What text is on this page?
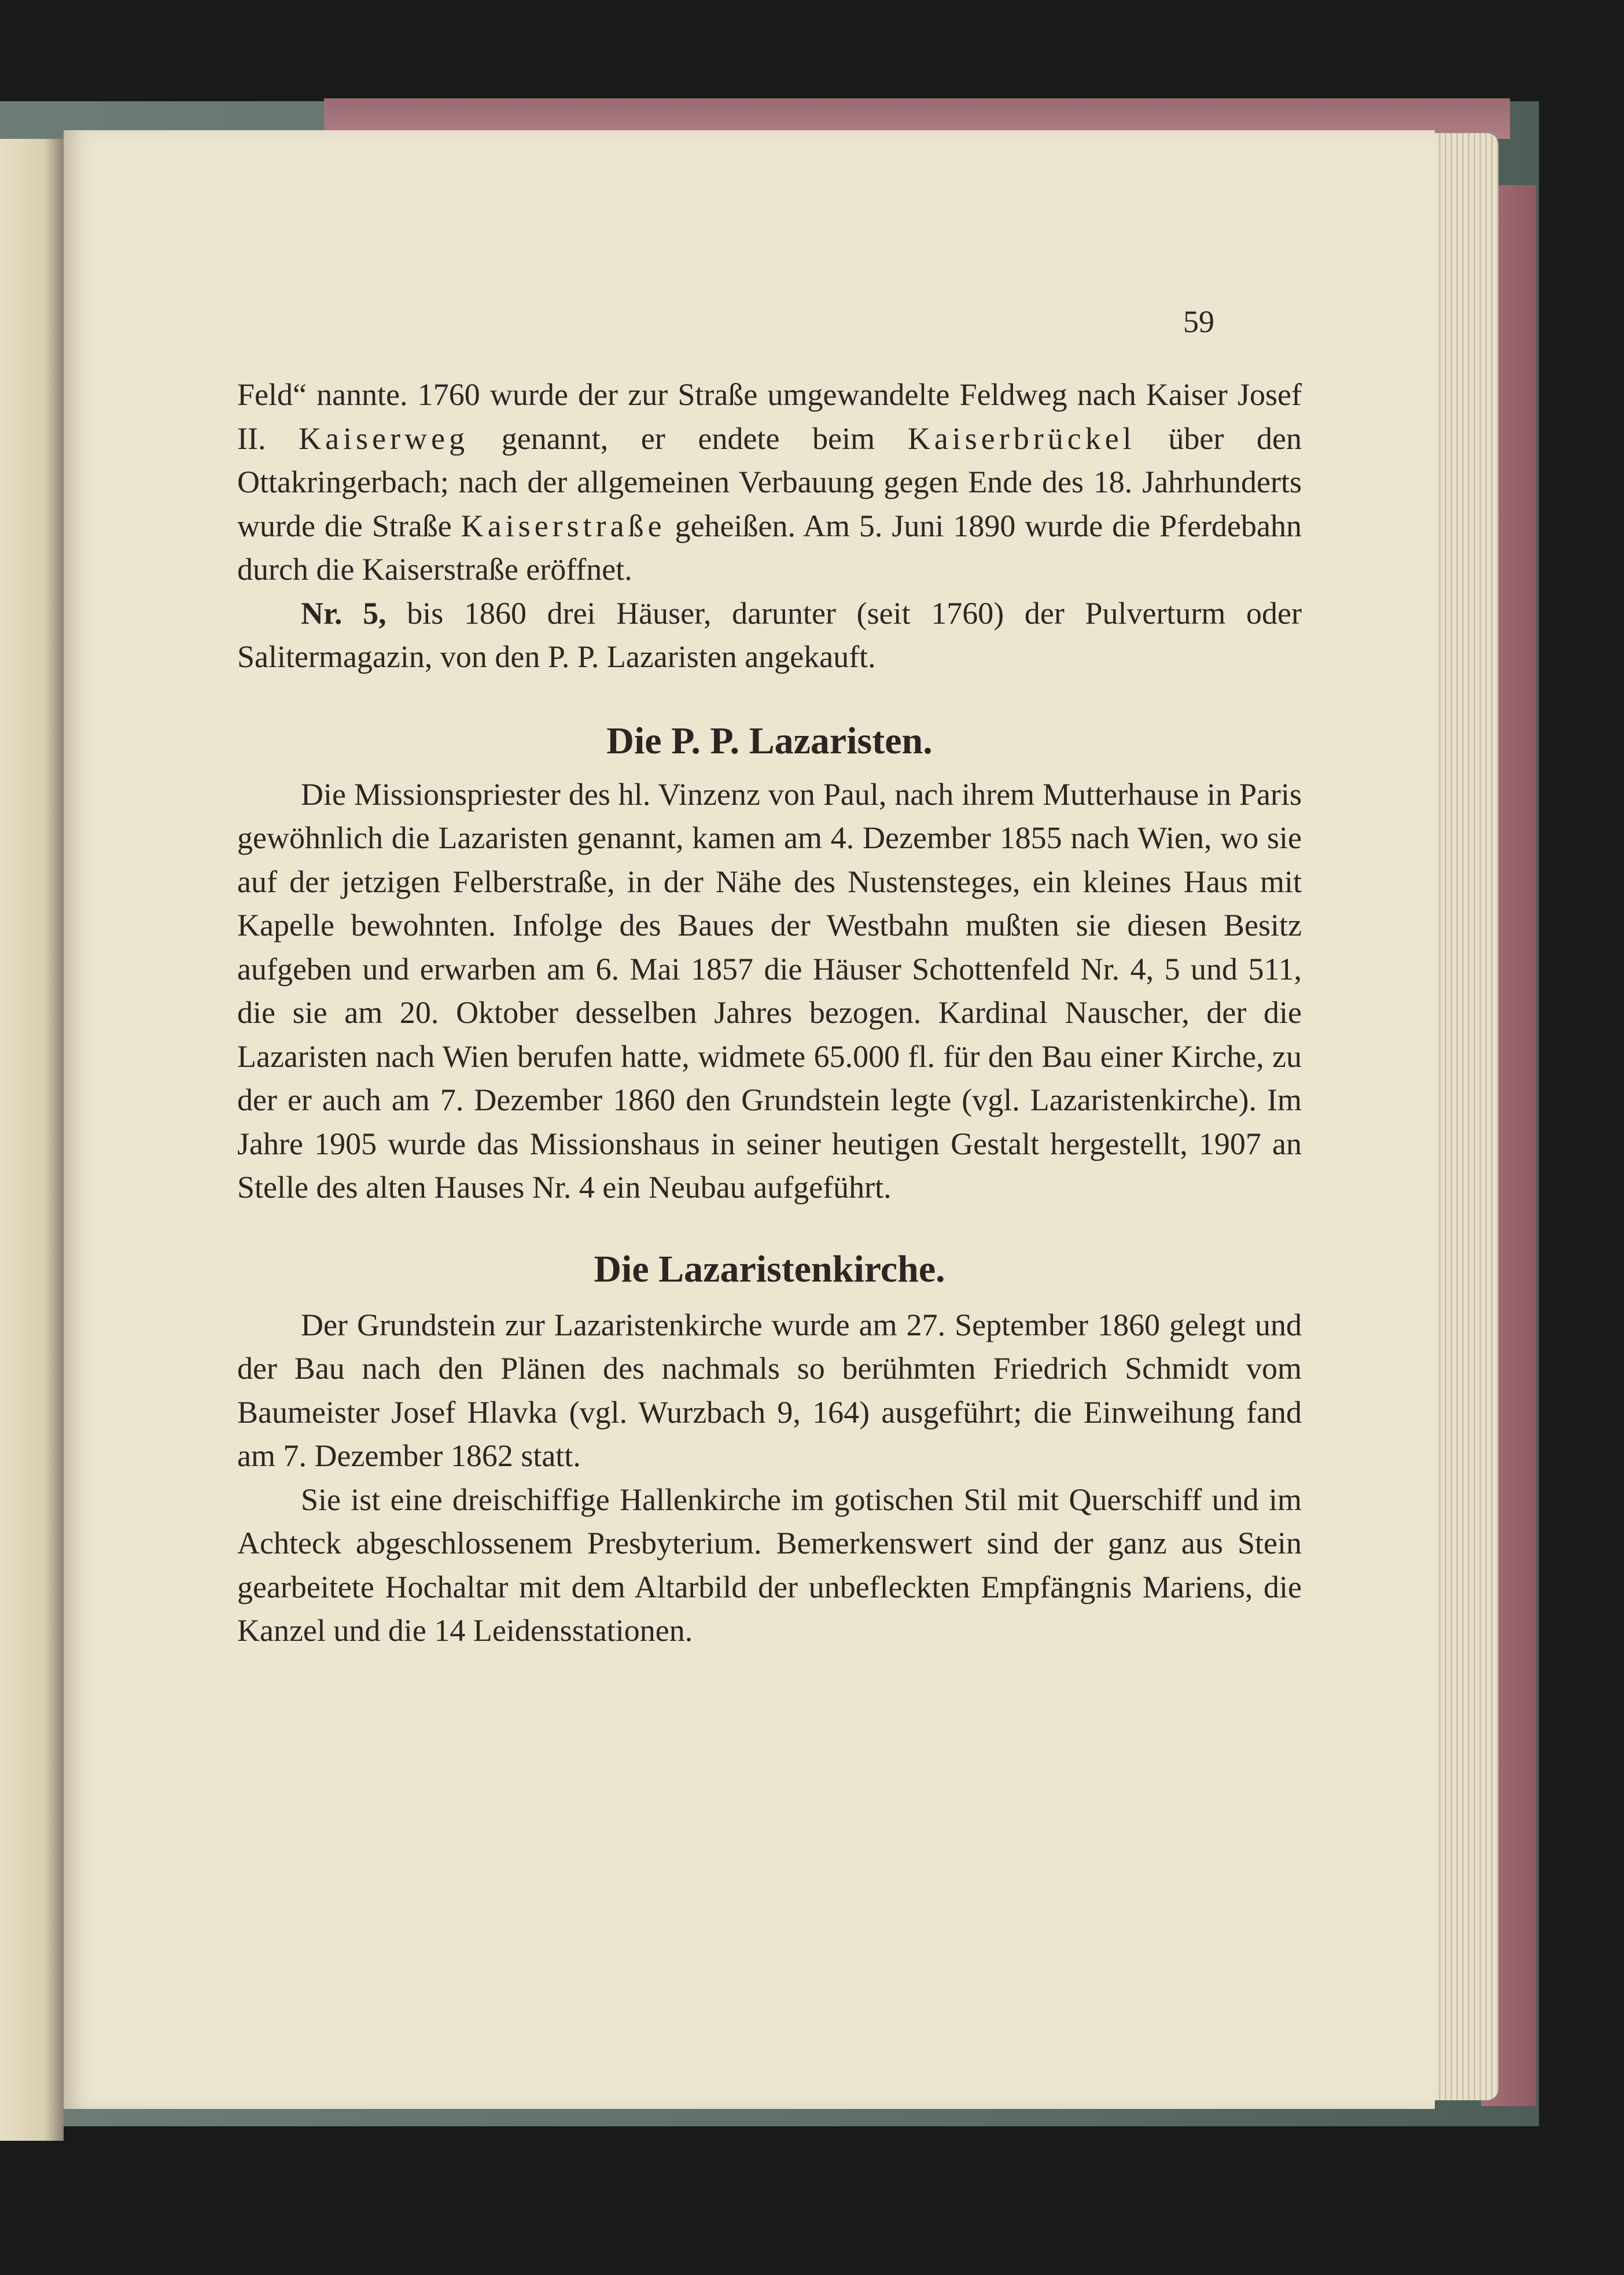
59

Feld“ nannte. 1760 wurde der zur Straße umgewandelte Feldweg nach Kaiser Josef II. Kaiserweg genannt, er endete beim Kaiserbrückel über den Ottakringerbach; nach der allgemeinen Verbauung gegen Ende des 18. Jahrhunderts wurde die Straße Kaiserstraße geheißen. Am 5. Juni 1890 wurde die Pferdebahn durch die Kaiserstraße eröffnet.

Nr. 5, bis 1860 drei Häuser, darunter (seit 1760) der Pulverturm oder Salitermagazin, von den P. P. Lazaristen angekauft.

Die P. P. Lazaristen.

Die Missionspriester des hl. Vinzenz von Paul, nach ihrem Mutterhause in Paris gewöhnlich die Lazaristen genannt, kamen am 4. Dezember 1855 nach Wien, wo sie auf der jetzigen Felberstraße, in der Nähe des Nustensteges, ein kleines Haus mit Kapelle bewohnten. Infolge des Baues der Westbahn mußten sie diesen Besitz aufgeben und erwarben am 6. Mai 1857 die Häuser Schottenfeld Nr. 4, 5 und 511, die sie am 20. Oktober desselben Jahres bezogen. Kardinal Nauscher, der die Lazaristen nach Wien berufen hatte, widmete 65.000 fl. für den Bau einer Kirche, zu der er auch am 7. Dezember 1860 den Grundstein legte (vgl. Lazaristenkirche). Im Jahre 1905 wurde das Missionshaus in seiner heutigen Gestalt hergestellt, 1907 an Stelle des alten Hauses Nr. 4 ein Neubau aufgeführt.

Die Lazaristenkirche.

Der Grundstein zur Lazaristenkirche wurde am 27. September 1860 gelegt und der Bau nach den Plänen des nachmals so berühmten Friedrich Schmidt vom Baumeister Josef Hlavka (vgl. Wurzbach 9, 164) ausgeführt; die Einweihung fand am 7. Dezember 1862 statt.

Sie ist eine dreischiffige Hallenkirche im gotischen Stil mit Querschiff und im Achteck abgeschlossenem Presbyterium. Bemerkenswert sind der ganz aus Stein gearbeitete Hochaltar mit dem Altarbild der unbefleckten Empfängnis Mariens, die Kanzel und die 14 Leidensstationen.
